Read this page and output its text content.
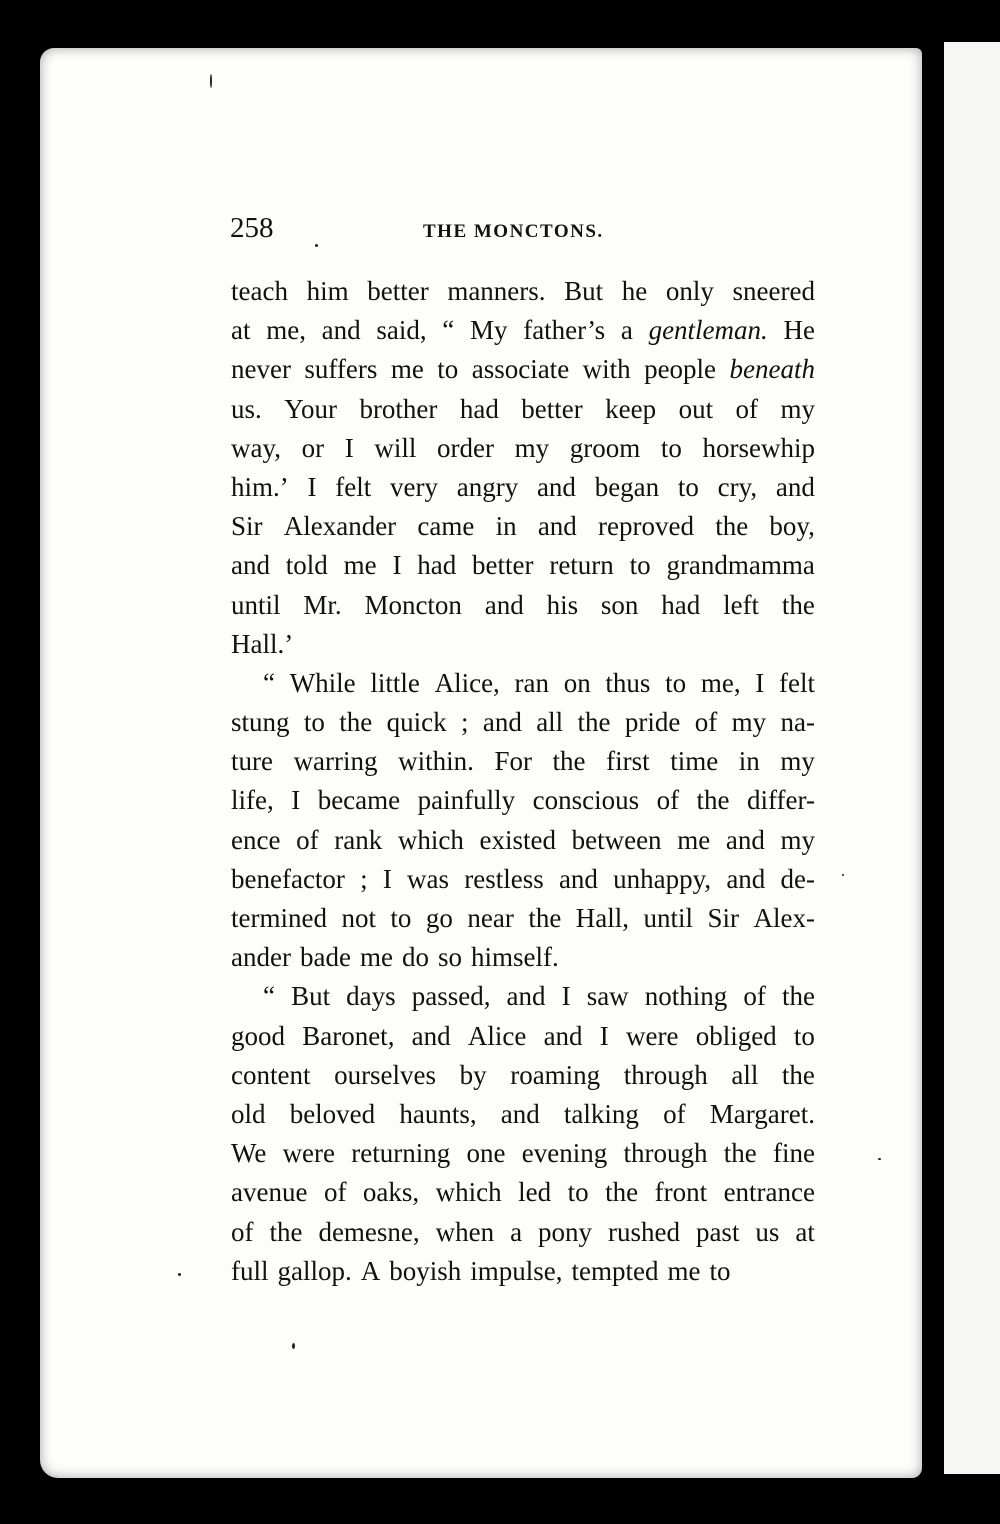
258	THE MONCTONS.
teach him better manners. But he only sneered
at me, and said, “ My father’s a gentleman. He
never suffers me to associate with people beneath
us. Your brother had better keep out of my
way, or I will order my groom to horsewhip
him.’ I felt very angry and began to cry, and
Sir Alexander came in and reproved the boy,
and told me I had better return to grandmamma
until Mr. Moncton and his son had left the
Hall.’
“ While little Alice, ran on thus to me, I felt
stung to the quick ; and all the pride of my na-
ture warring within. For the first time in my
life, I became painfully conscious of the differ-
ence of rank which existed between me and my
benefactor ; I was restless and unhappy, and de-
termined not to go near the Hall, until Sir Alex-
ander bade me do so himself.
“ But days passed, and I saw nothing of the
good Baronet, and Alice and I were obliged to
content ourselves by roaming through all the
old beloved haunts, and talking of Margaret.
We were returning one evening through the fine
avenue of oaks, which led to the front entrance
of the demesne, when a pony rushed past us at
full gallop. A boyish impulse, tempted me to
